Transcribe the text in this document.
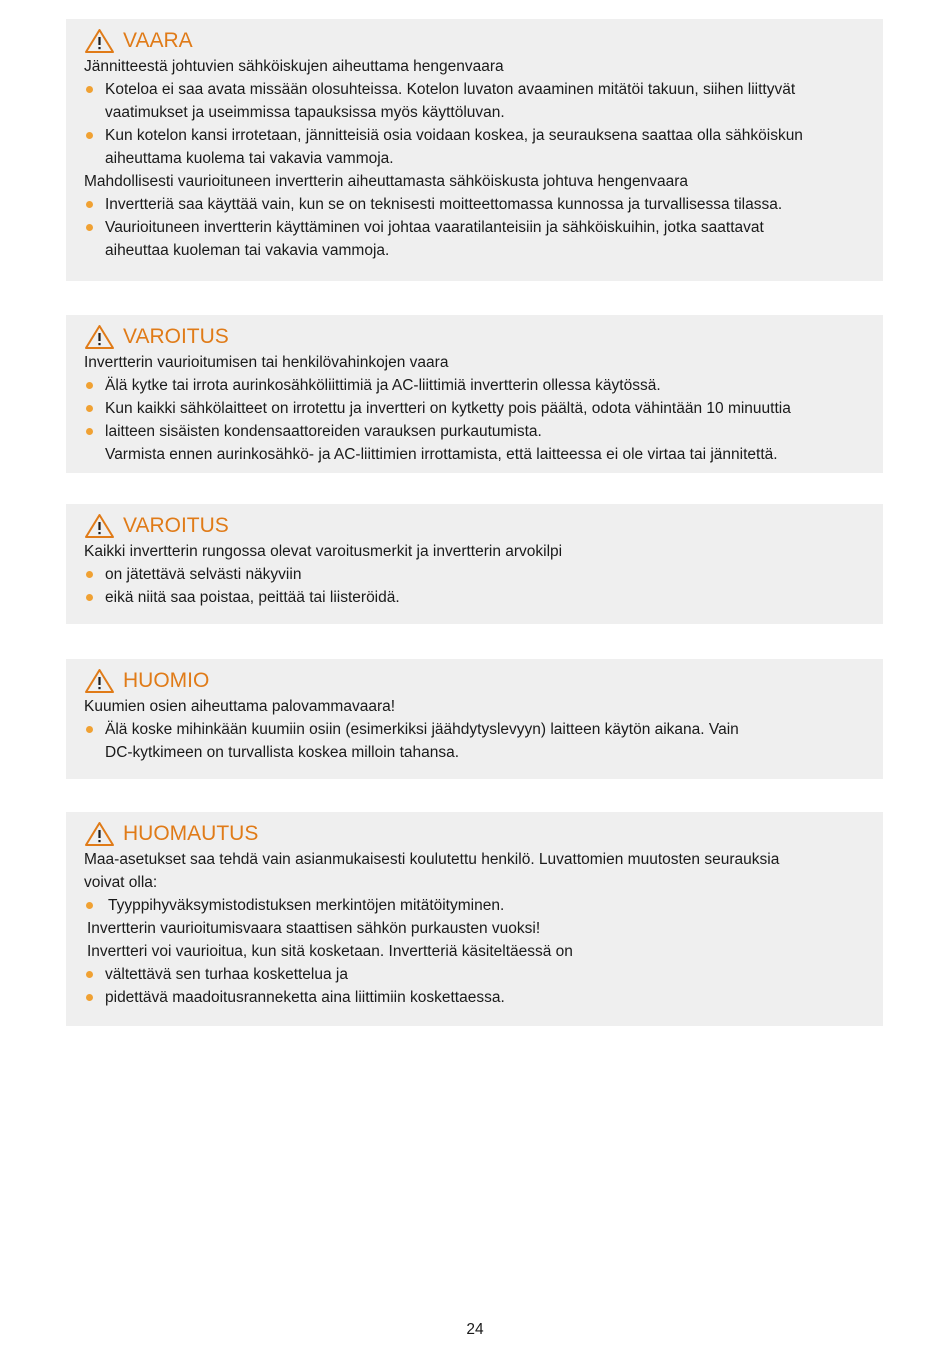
VAARA

Jännitteestä johtuvien sähköiskujen aiheuttama hengenvaara

Koteloa ei saa avata missään olosuhteissa. Kotelon luvaton avaaminen mitätöi takuun, siihen liittyvät

vaatimukset ja useimmissa tapauksissa myös käyttöluvan.

Kun kotelon kansi irrotetaan, jännitteisiä osia voidaan koskea, ja seurauksena saattaa olla sähköiskun

aiheuttama kuolema tai vakavia vammoja.

Mahdollisesti vaurioituneen invertterin aiheuttamasta sähköiskusta johtuva hengenvaara

Invertteriä saa käyttää vain, kun se on teknisesti moitteettomassa kunnossa ja turvallisessa tilassa.

Vaurioituneen invertterin käyttäminen voi johtaa vaaratilanteisiin ja sähköiskuihin, jotka saattavat

aiheuttaa kuoleman tai vakavia vammoja.

VAROITUS

Invertterin vaurioitumisen tai henkilövahinkojen vaara

Älä kytke tai irrota aurinkosähköliittimiä ja AC-liittimiä invertterin ollessa käytössä.

Kun kaikki sähkölaitteet on irrotettu ja invertteri on kytketty pois päältä, odota vähintään 10 minuuttia

laitteen sisäisten kondensaattoreiden varauksen purkautumista.

Varmista ennen aurinkosähkö- ja AC-liittimien irrottamista, että laitteessa ei ole virtaa tai jännitettä.

VAROITUS

Kaikki invertterin rungossa olevat varoitusmerkit ja invertterin arvokilpi

on jätettävä selvästi näkyviin

eikä niitä saa poistaa, peittää tai liisteröidä.

HUOMIO

Kuumien osien aiheuttama palovammavaara!

Älä koske mihinkään kuumiin osiin (esimerkiksi jäähdytyslevyyn) laitteen käytön aikana. Vain

DC-kytkimeen on turvallista koskea milloin tahansa.

HUOMAUTUS

Maa-asetukset saa tehdä vain asianmukaisesti koulutettu henkilö. Luvattomien muutosten seurauksia

voivat olla:

Tyyppihyväksymistodistuksen merkintöjen mitätöityminen.

Invertterin vaurioitumisvaara staattisen sähkön purkausten vuoksi!

Invertteri voi vaurioitua, kun sitä kosketaan. Invertteriä käsiteltäessä on

vältettävä sen turhaa koskettelua ja

pidettävä maadoitusranneketta aina liittimiin koskettaessa.

24
